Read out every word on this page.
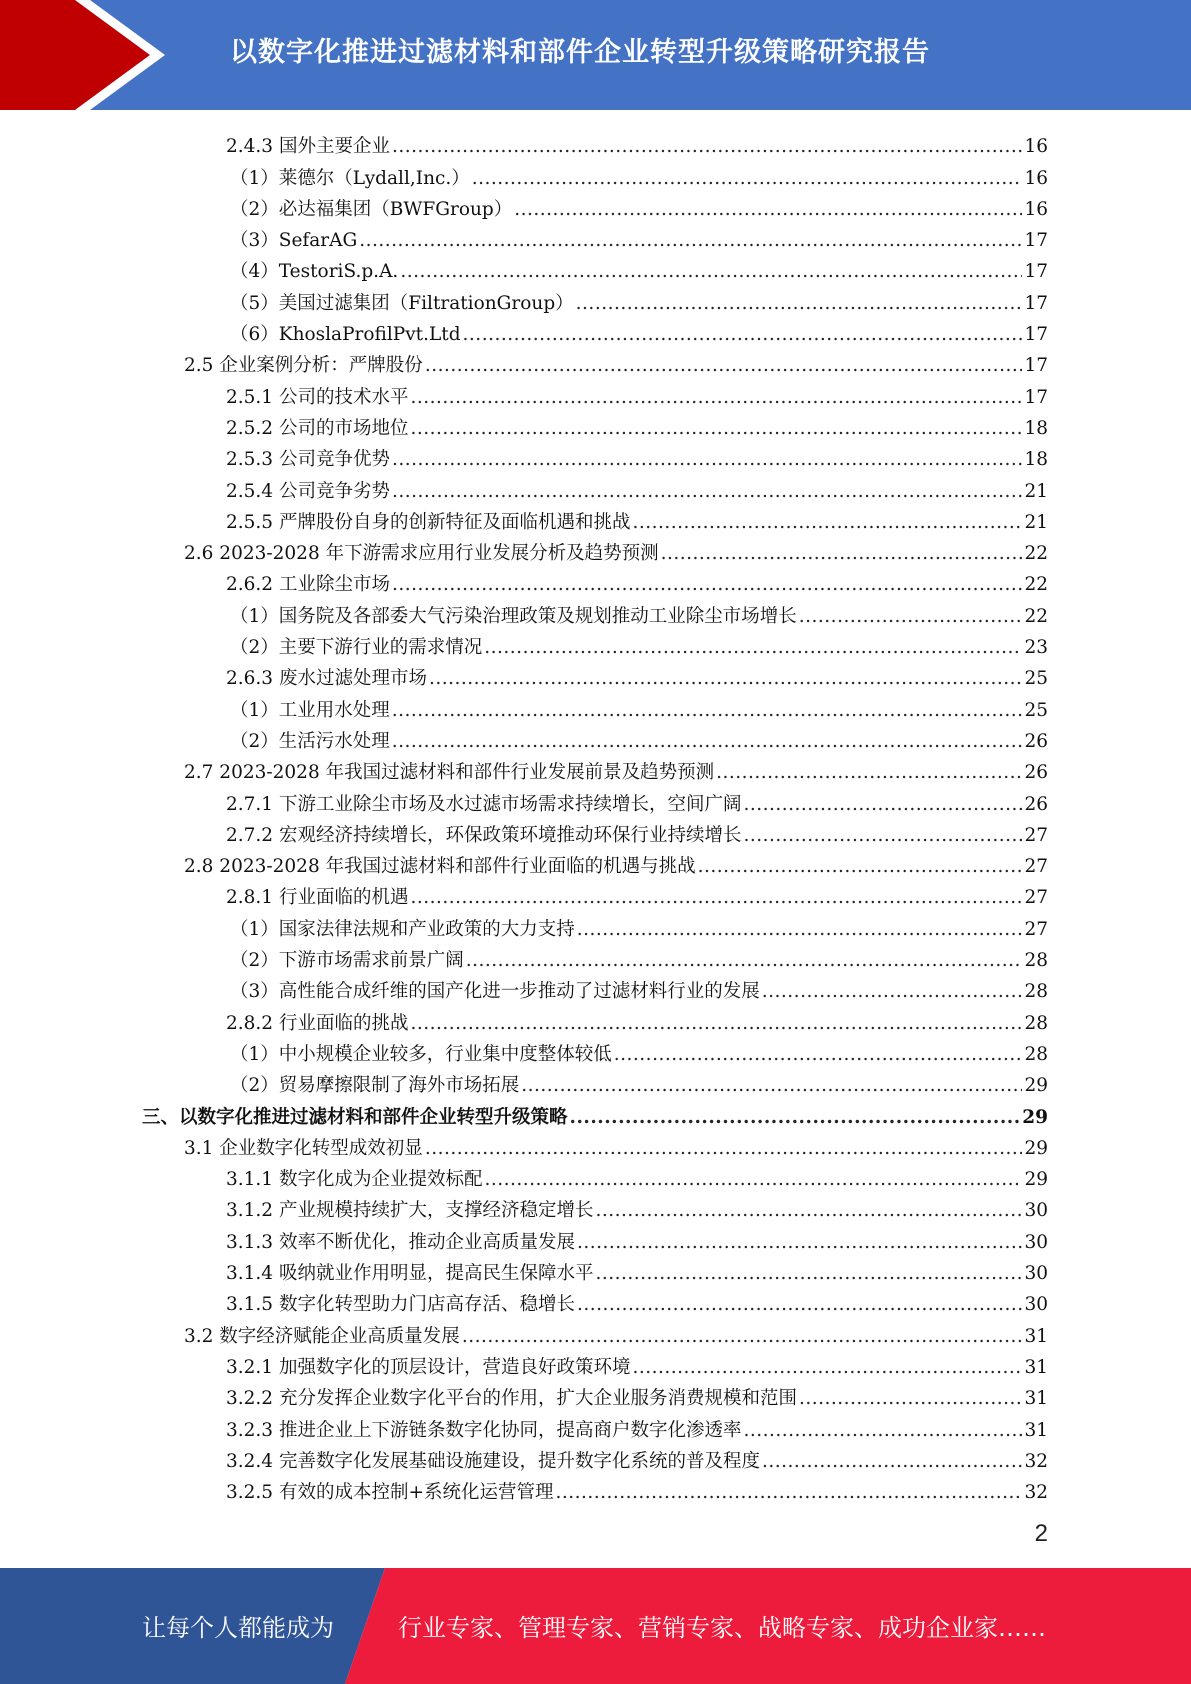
以数字化推进过滤材料和部件企业转型升级策略研究报告
2.4.3 国外主要企业 .....	16
（1）莱德尔（Lydall,Inc.） .....	16
（2）必达福集团（BWFGroup） .....	16
（3）SefarAG .....	17
（4）TestoriS.p.A. .....	17
（5）美国过滤集团（FiltrationGroup） .....	17
（6）KhoslaProfilPvt.Ltd .....	17
2.5 企业案例分析：严牌股份 .....	17
2.5.1 公司的技术水平 .....	17
2.5.2 公司的市场地位 .....	18
2.5.3 公司竞争优势 .....	18
2.5.4 公司竞争劣势 .....	21
2.5.5 严牌股份自身的创新特征及面临机遇和挑战 .....	21
2.6 2023-2028 年下游需求应用行业发展分析及趋势预测 .....	22
2.6.2 工业除尘市场 .....	22
（1）国务院及各部委大气污染治理政策及规划推动工业除尘市场增长 .....	22
（2）主要下游行业的需求情况 .....	23
2.6.3 废水过滤处理市场 .....	25
（1）工业用水处理 .....	25
（2）生活污水处理 .....	26
2.7 2023-2028 年我国过滤材料和部件行业发展前景及趋势预测 .....	26
2.7.1 下游工业除尘市场及水过滤市场需求持续增长，空间广阔 .....	26
2.7.2 宏观经济持续增长，环保政策环境推动环保行业持续增长 .....	27
2.8 2023-2028 年我国过滤材料和部件行业面临的机遇与挑战 .....	27
2.8.1 行业面临的机遇 .....	27
（1）国家法律法规和产业政策的大力支持 .....	27
（2）下游市场需求前景广阔 .....	28
（3）高性能合成纤维的国产化进一步推动了过滤材料行业的发展 .....	28
2.8.2 行业面临的挑战 .....	28
（1）中小规模企业较多，行业集中度整体较低 .....	28
（2）贸易摩擦限制了海外市场拓展 .....	29
三、以数字化推进过滤材料和部件企业转型升级策略 .....	29
3.1 企业数字化转型成效初显 .....	29
3.1.1 数字化成为企业提效标配 .....	29
3.1.2 产业规模持续扩大，支撑经济稳定增长 .....	30
3.1.3 效率不断优化，推动企业高质量发展 .....	30
3.1.4 吸纳就业作用明显，提高民生保障水平 .....	30
3.1.5 数字化转型助力门店高存活、稳增长 .....	30
3.2 数字经济赋能企业高质量发展 .....	31
3.2.1 加强数字化的顶层设计，营造良好政策环境 .....	31
3.2.2 充分发挥企业数字化平台的作用，扩大企业服务消费规模和范围 .....	31
3.2.3 推进企业上下游链条数字化协同，提高商户数字化渗透率 .....	31
3.2.4 完善数字化发展基础设施建设，提升数字化系统的普及程度 .....	32
3.2.5 有效的成本控制+系统化运营管理 .....	32
2
让每个人都能成为	行业专家、管理专家、营销专家、战略专家、成功企业家……
